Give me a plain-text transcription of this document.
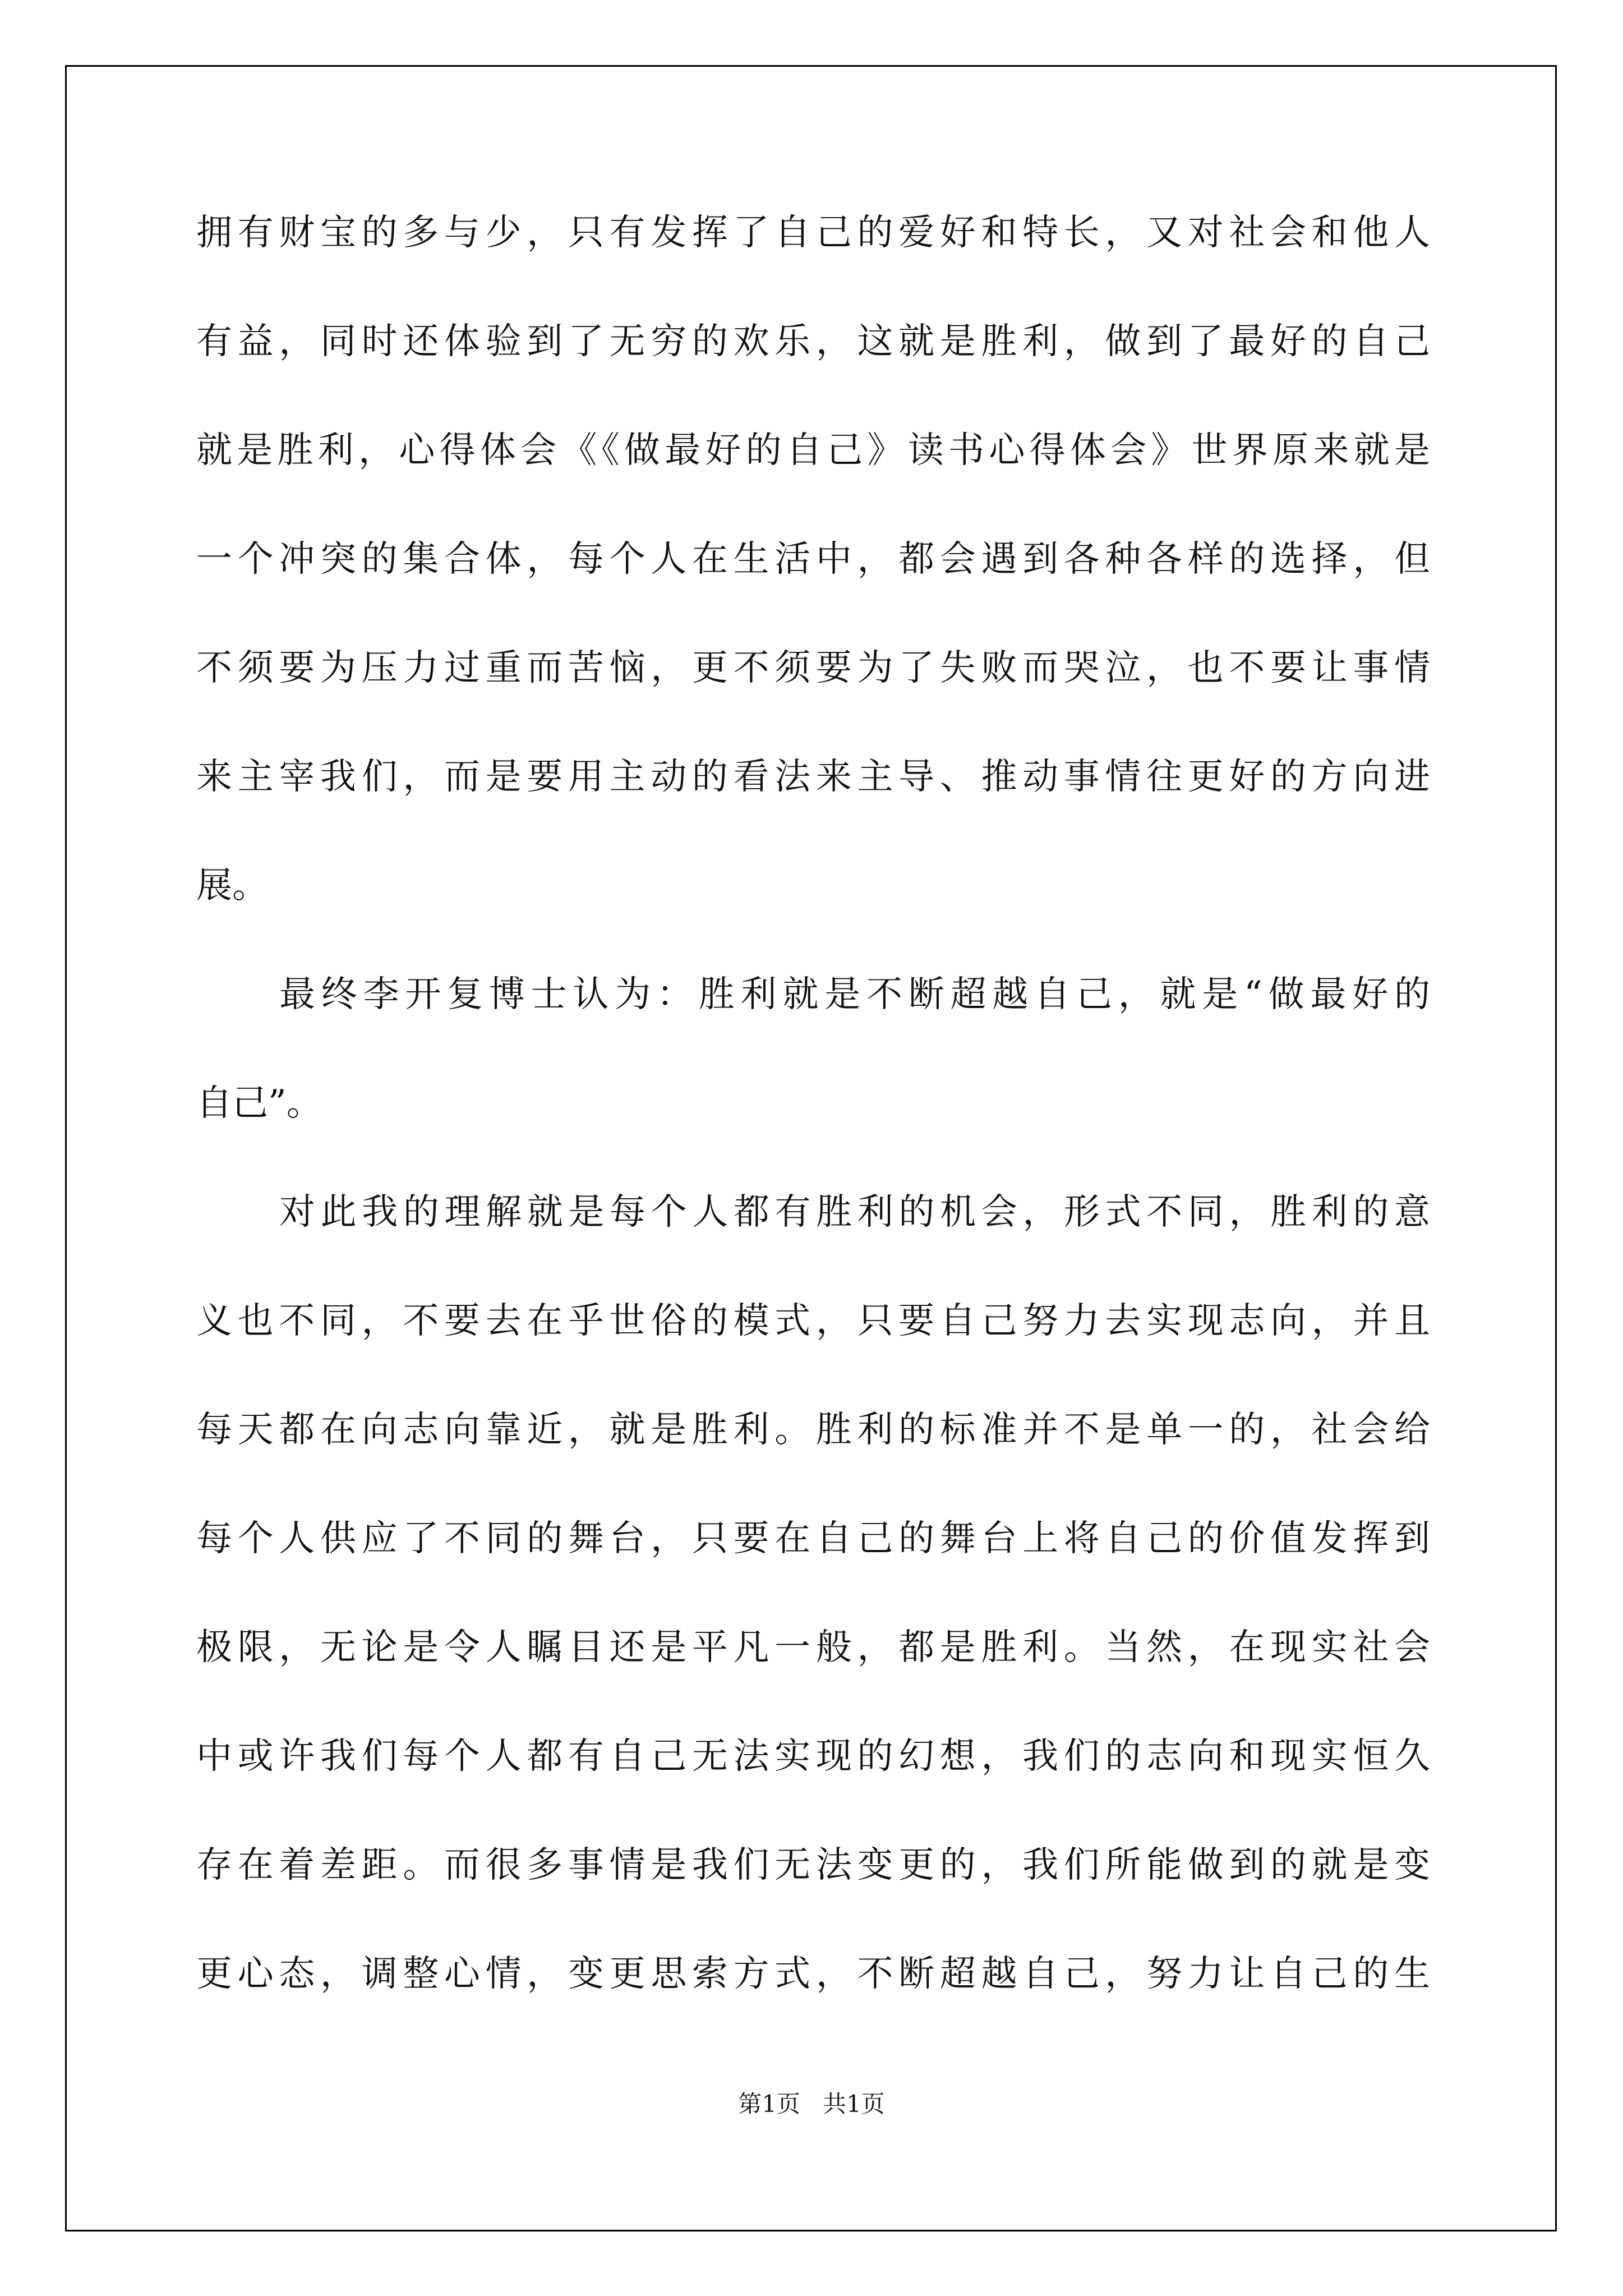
拥有财宝的多与少，只有发挥了自己的爱好和特长，又对社会和他人
有益，同时还体验到了无穷的欢乐，这就是胜利，做到了最好的自己
就是胜利，心得体会《《做最好的自己》读书心得体会》世界原来就是
一个冲突的集合体，每个人在生活中，都会遇到各种各样的选择，但
不须要为压力过重而苦恼，更不须要为了失败而哭泣，也不要让事情
来主宰我们，而是要用主动的看法来主导、推动事情往更好的方向进
展。
最终李开复博士认为：胜利就是不断超越自己，就是“做最好的
自己”。
对此我的理解就是每个人都有胜利的机会，形式不同，胜利的意
义也不同，不要去在乎世俗的模式，只要自己努力去实现志向，并且
每天都在向志向靠近，就是胜利。胜利的标准并不是单一的，社会给
每个人供应了不同的舞台，只要在自己的舞台上将自己的价值发挥到
极限，无论是令人瞩目还是平凡一般，都是胜利。当然，在现实社会
中或许我们每个人都有自己无法实现的幻想，我们的志向和现实恒久
存在着差距。而很多事情是我们无法变更的，我们所能做到的就是变
更心态，调整心情，变更思索方式，不断超越自己，努力让自己的生
第1页   共1页
